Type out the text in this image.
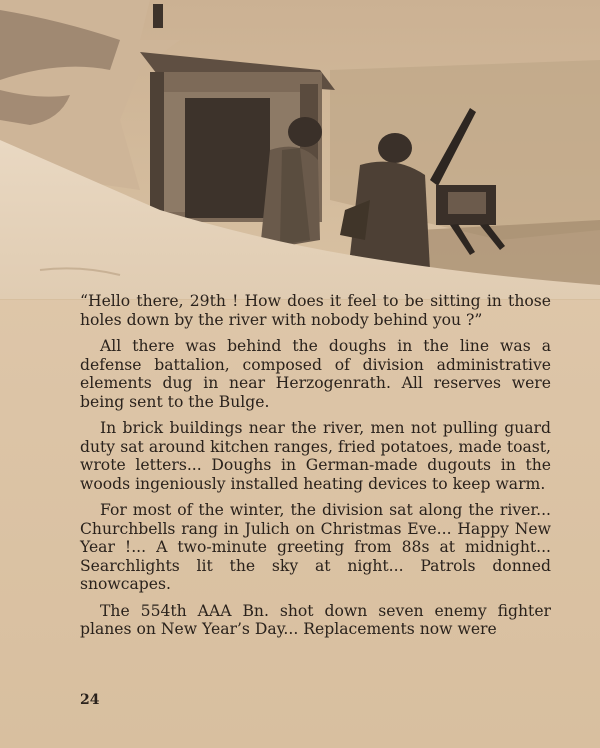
“Hello there, 29th ! How does it feel to be sitting in those holes down by the river with nobody behind you ?”

All there was behind the doughs in the line was a defense battalion, composed of division administrative elements dug in near Herzogenrath. All reserves were being sent to the Bulge.

In brick buildings near the river, men not pulling guard duty sat around kitchen ranges, fried potatoes, made toast, wrote letters... Doughs in German-made dugouts in the woods ingeniously installed heating devices to keep warm.

For most of the winter, the division sat along the river... Churchbells rang in Julich on Christmas Eve... Happy New Year !... A two-minute greeting from 88s at midnight... Searchlights lit the sky at night... Patrols donned snowcapes.

The 554th AAA Bn. shot down seven enemy fighter planes on New Year’s Day... Replacements now were

24
